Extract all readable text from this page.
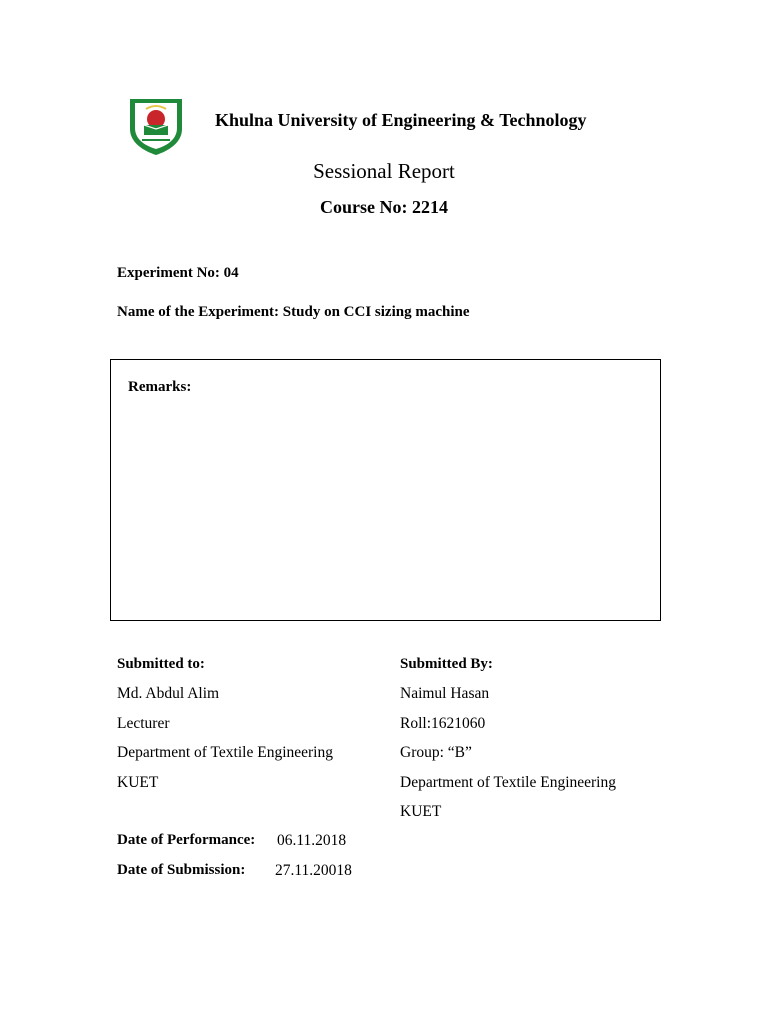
Khulna University of Engineering & Technology
Sessional Report
Course No: 2214
Experiment No: 04
Name of the Experiment: Study on CCI sizing machine
Remarks:
Submitted to:
Md. Abdul Alim
Lecturer
Department of Textile Engineering
KUET
Submitted By:
Naimul Hasan
Roll:1621060
Group: “B”
Department of Textile Engineering
KUET
Date of Performance: 06.11.2018
Date of Submission: 27.11.20018
